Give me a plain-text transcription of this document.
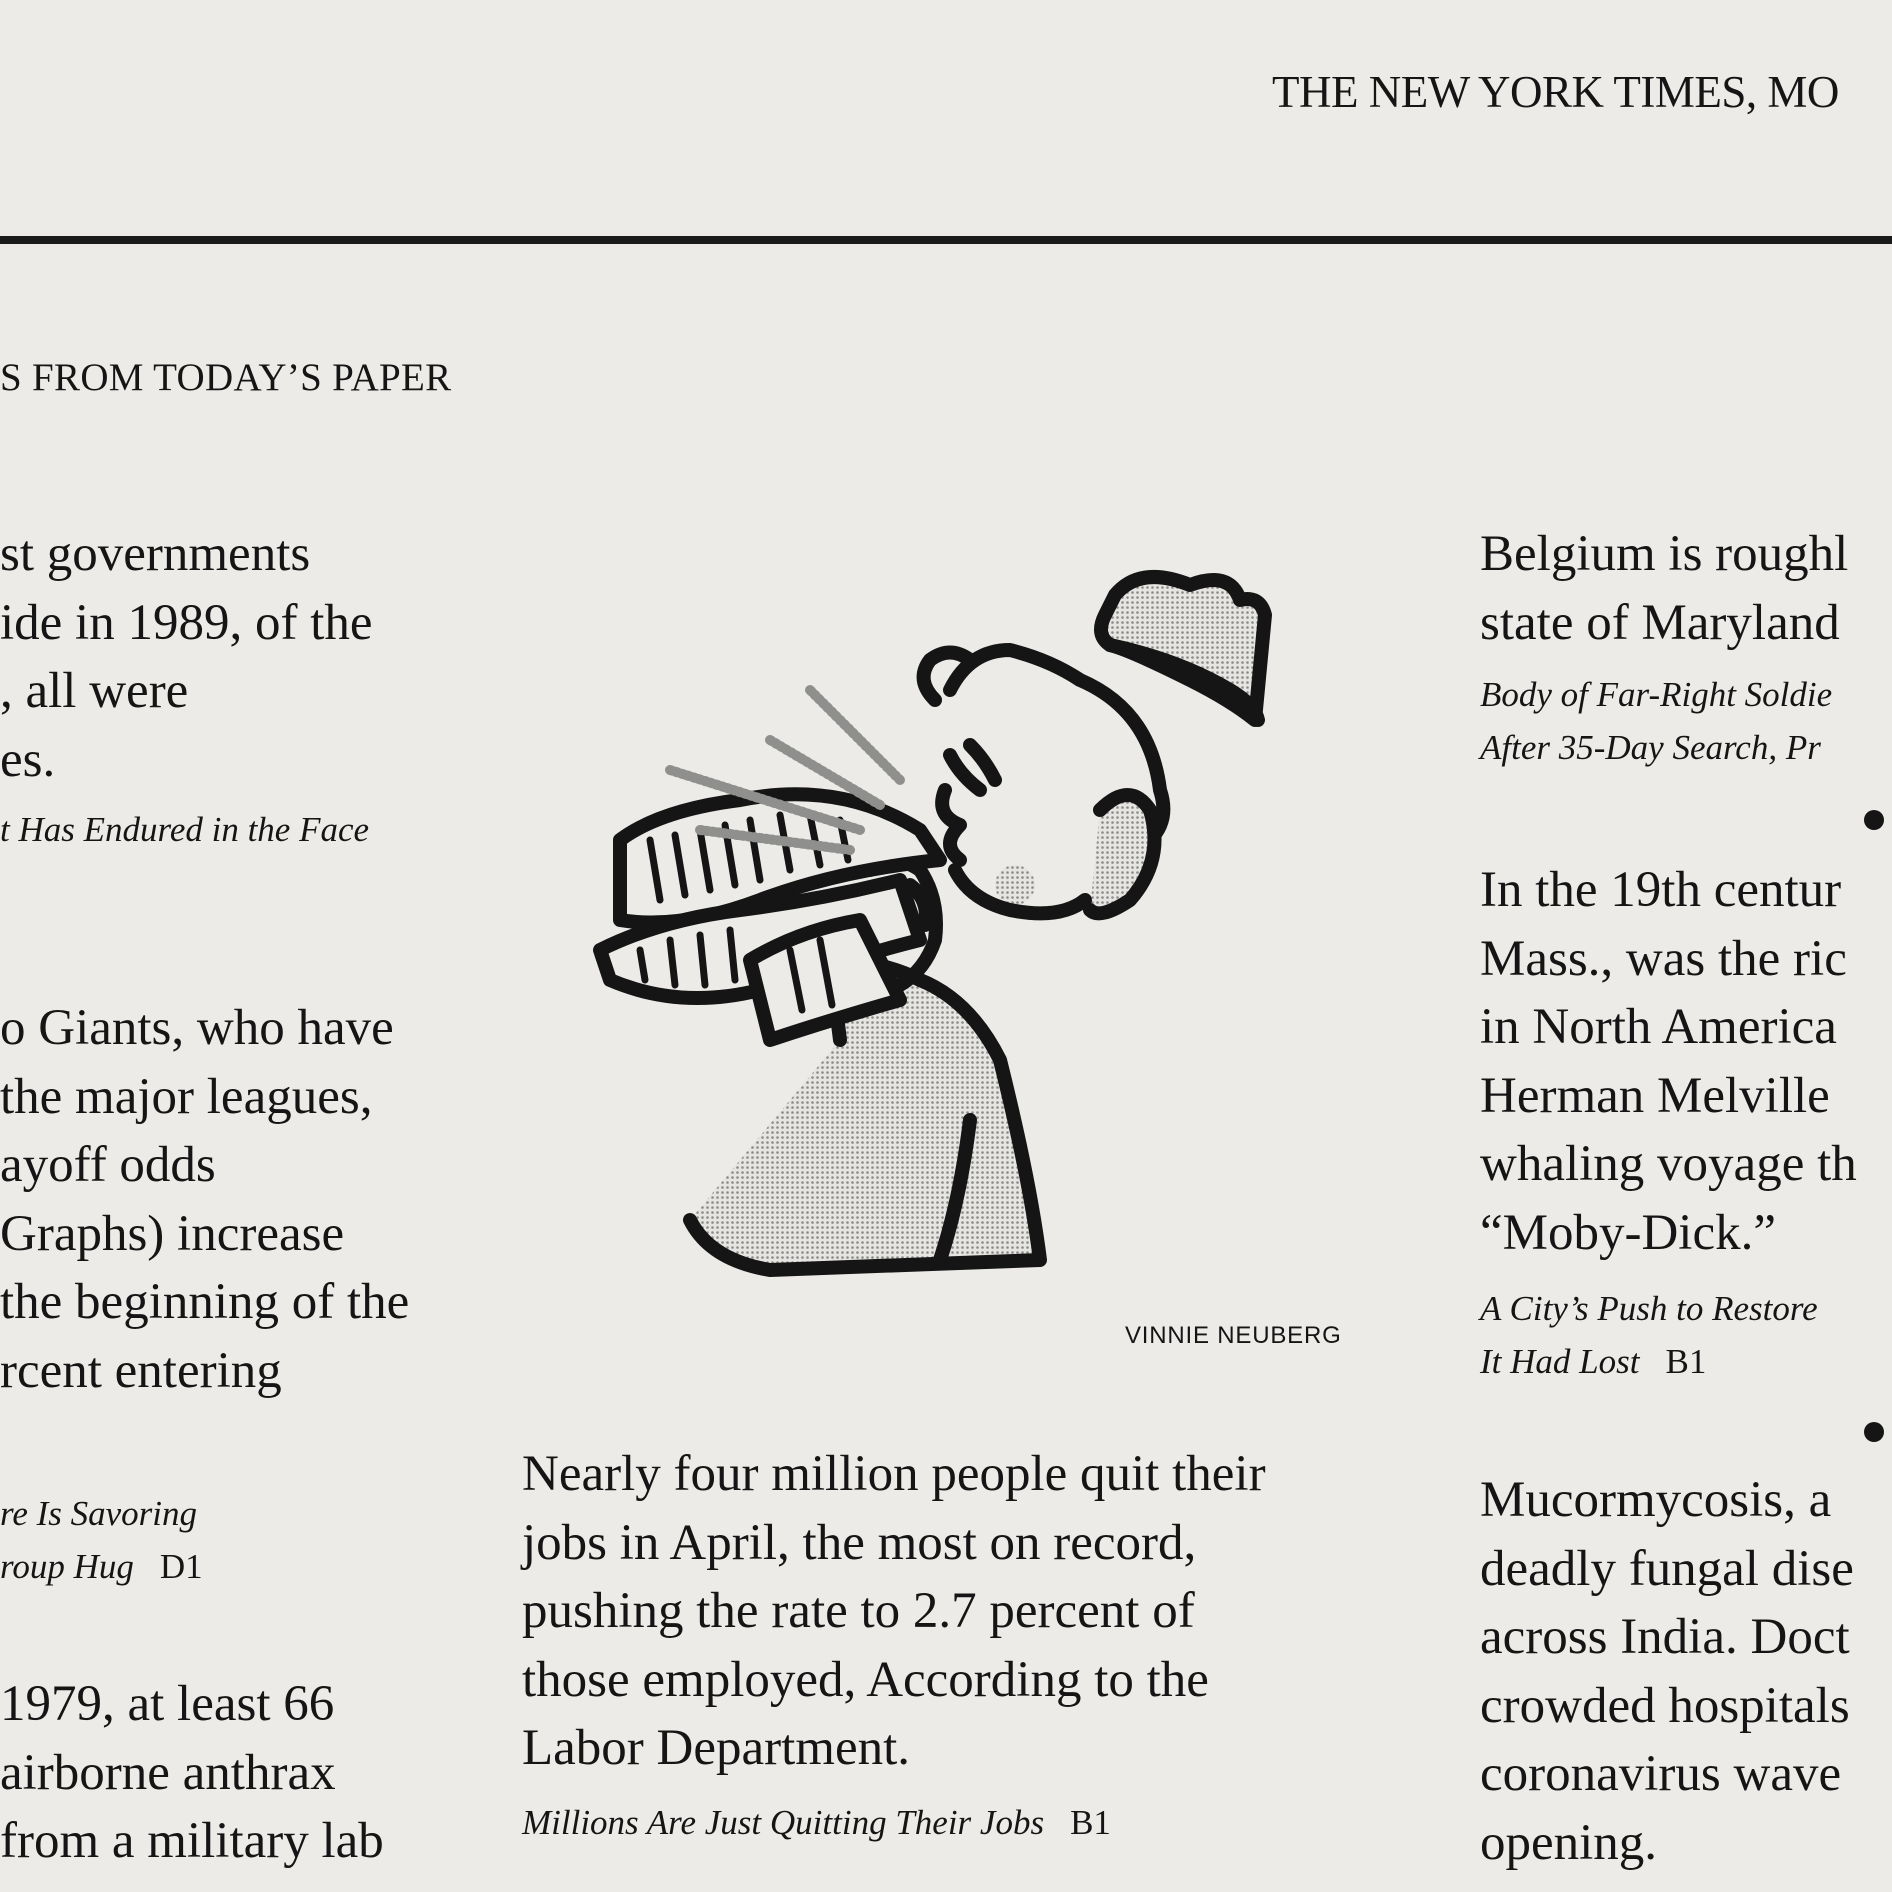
THE NEW YORK TIMES, MO
S FROM TODAY’S PAPER
st governments
ide in 1989, of the
, all were
es.
t Has Endured in the Face
o Giants, who have
the major leagues,
ayoff odds
Graphs) increase
the beginning of the
rcent entering
re Is Savoring
roup Hug D1
1979, at least 66
airborne anthrax
from a military lab
VINNIE NEUBERG
Nearly four million people quit their
jobs in April, the most on record,
pushing the rate to 2.7 percent of
those employed, According to the
Labor Department.
Millions Are Just Quitting Their Jobs B1
Belgium is roughl
state of Maryland
Body of Far-Right Soldie
After 35-Day Search, Pr
In the 19th centur
Mass., was the ric
in North America
Herman Melville
whaling voyage th
“Moby-Dick.”
A City’s Push to Restore
It Had Lost B1
Mucormycosis, a
deadly fungal dise
across India. Doct
crowded hospitals
coronavirus wave
opening.
